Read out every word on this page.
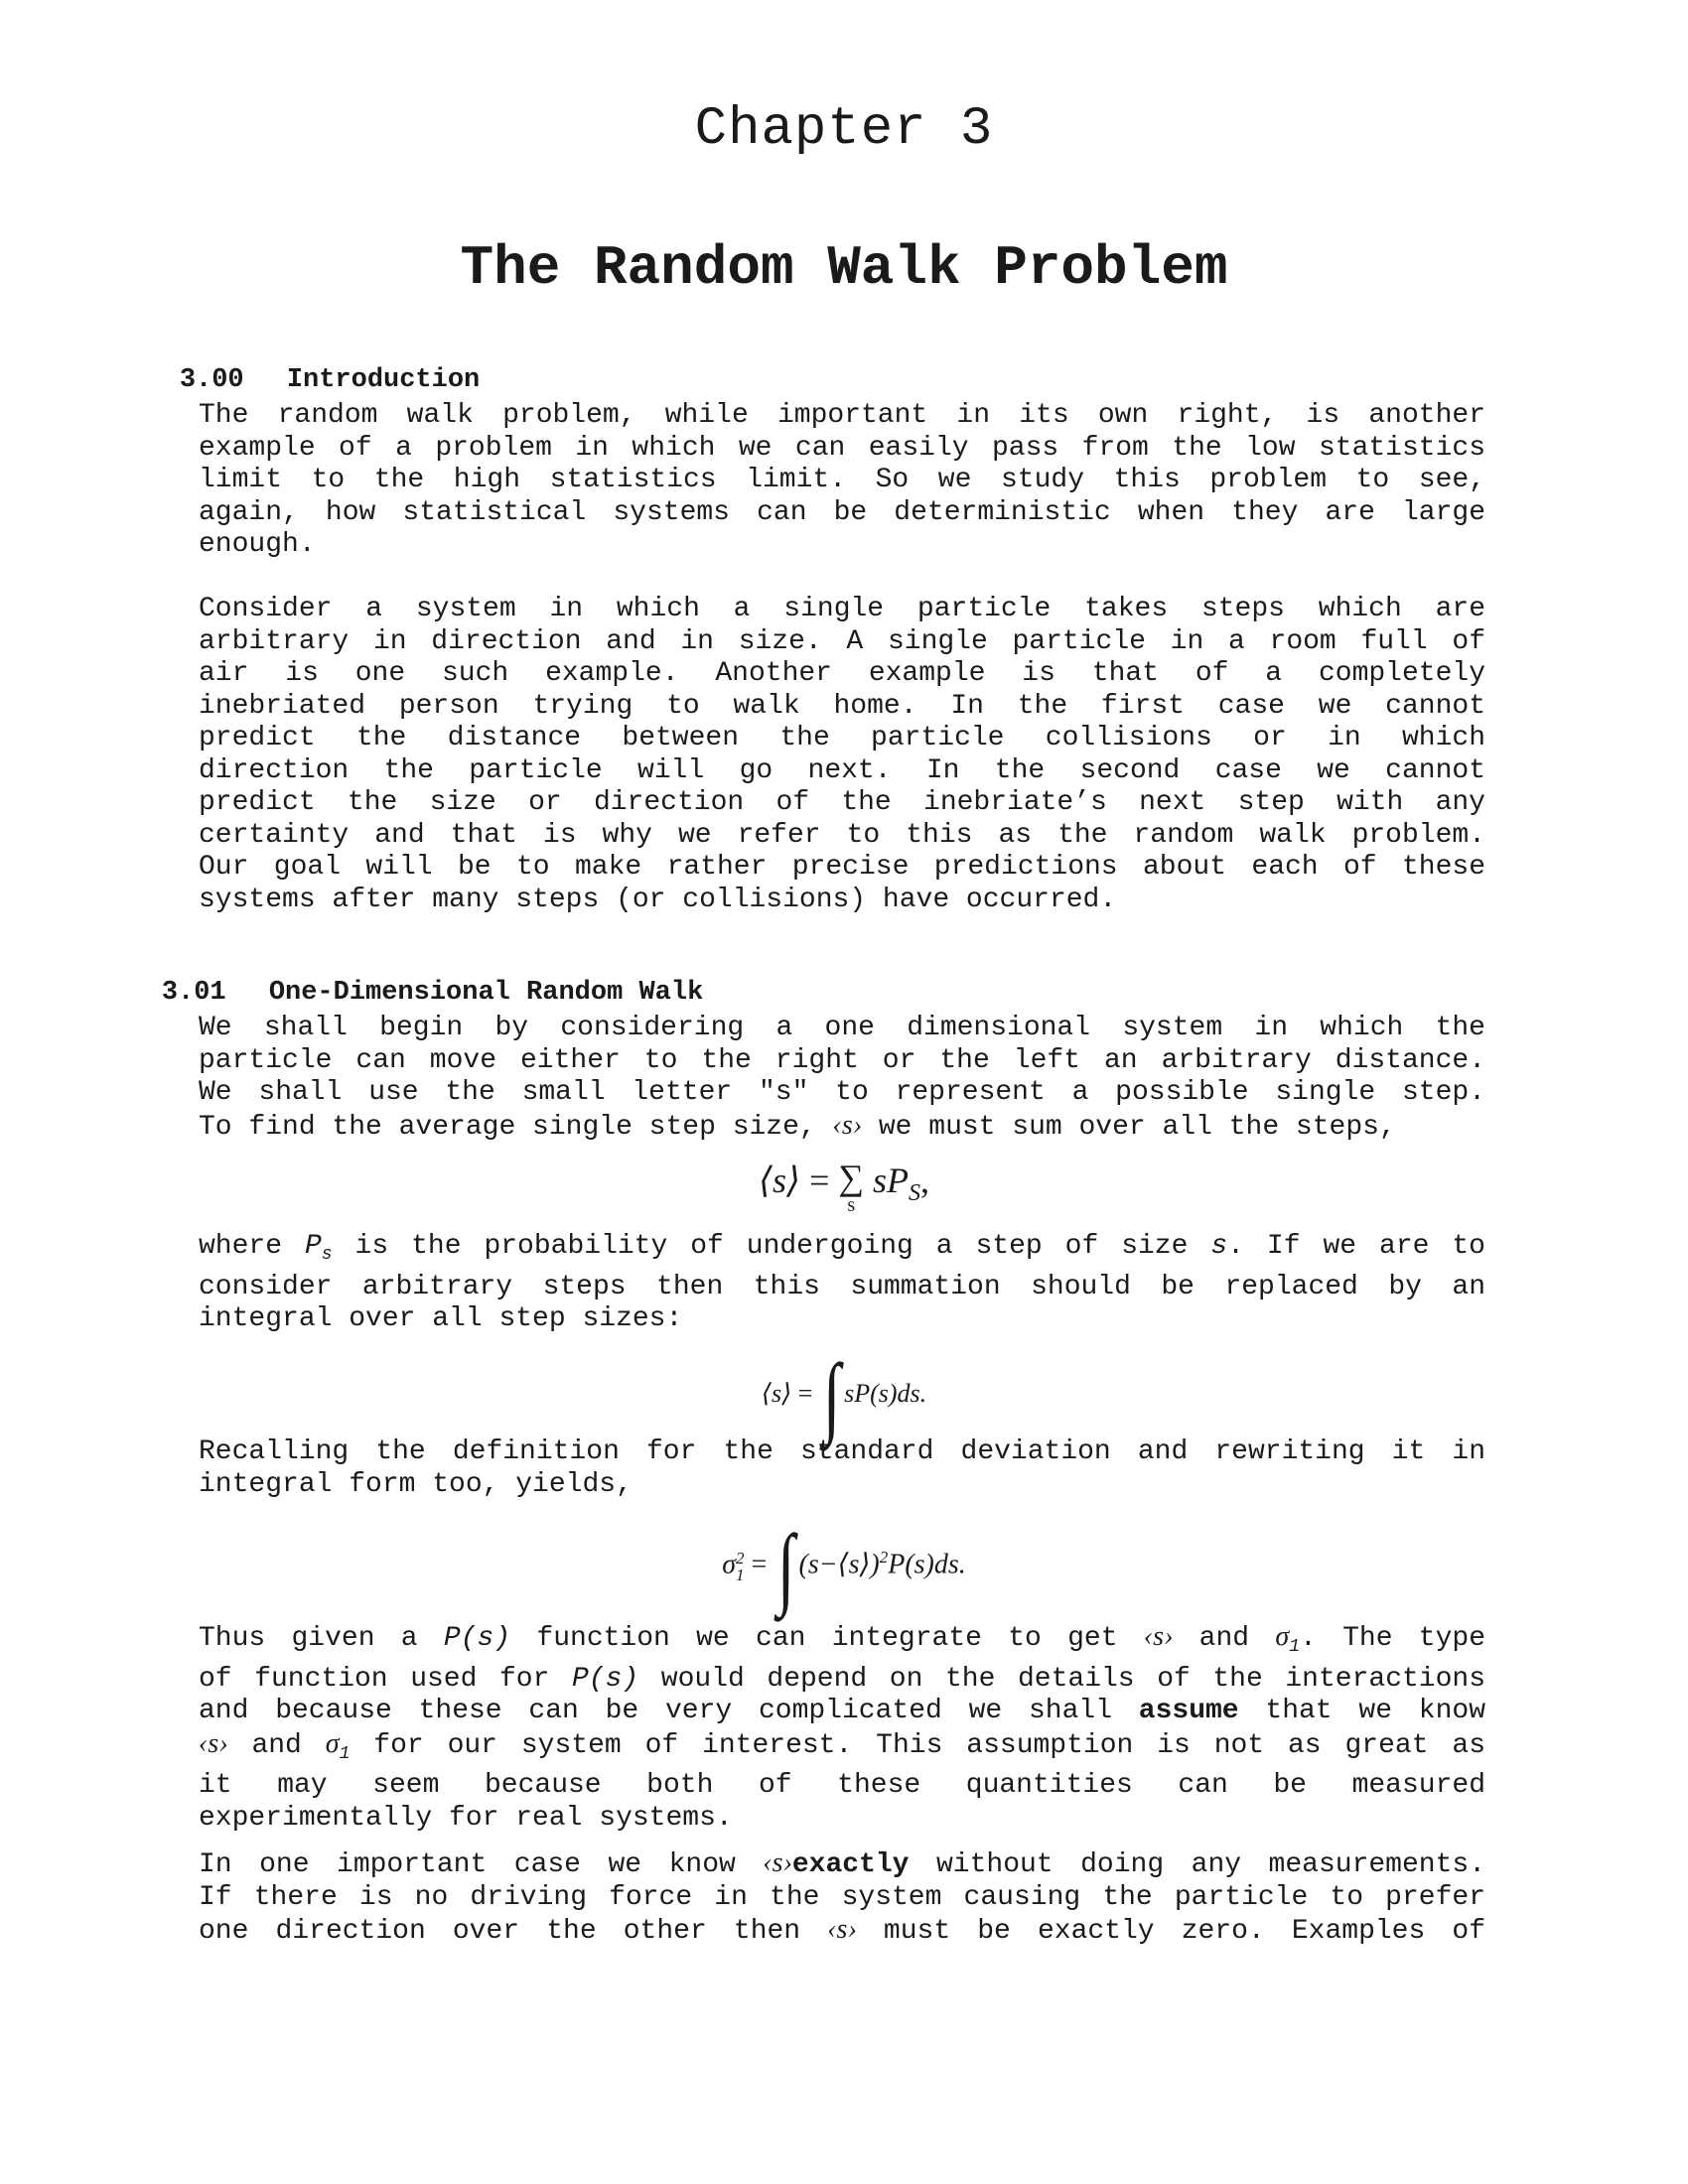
Chapter 3
The Random Walk Problem

3.00 Introduction

The random walk problem, while important in its own right, is another
example of a problem in which we can easily pass from the low statistics
limit to the high statistics limit. So we study this problem to see,
again, how statistical systems can be deterministic when they are large
enough.
Consider a system in which a single particle takes steps which are
arbitrary in direction and in size. A single particle in a room full of
air is one such example. Another example is that of a completely
inebriated person trying to walk home. In the first case we cannot
predict the distance between the particle collisions or in which
direction the particle will go next. In the second case we cannot
predict the size or direction of the inebriate’s next step with any
certainty and that is why we refer to this as the random walk problem.
Our goal will be to make rather precise predictions about each of these
systems after many steps (or collisions) have occurred.

3.01 One-Dimensional Random Walk

We shall begin by considering a one dimensional system in which the
particle can move either to the right or the left an arbitrary distance.
We shall use the small letter "s" to represent a possible single step.
To find the average single step size, ‹s› we must sum over all the steps,
⟨s⟩ = ∑
s
$sP_S$,
where $P_s$ is the probability of undergoing a step of size s. If we are to
consider arbitrary steps then this summation should be replaced by an
integral over all step sizes:
⟨s⟩ = ∫ sP(s)ds.
Recalling the definition for the standard deviation and rewriting it in
integral form too, yields,
σ 2
1 = ∫ (s−⟨s⟩)$^2$P(s)ds.
Thus given a P(s) function we can integrate to get ‹s› and $\sigma_1$. The type
of function used for P(s) would depend on the details of the interactions
and because these can be very complicated we shall assume that we know
‹s› and $\sigma_1$ for our system of interest. This assumption is not as great as
it may seem because both of these quantities can be measured
experimentally for real systems.
In one important case we know ‹s›exactly without doing any measurements.
If there is no driving force in the system causing the particle to prefer
one direction over the other then ‹s› must be exactly zero. Examples of
